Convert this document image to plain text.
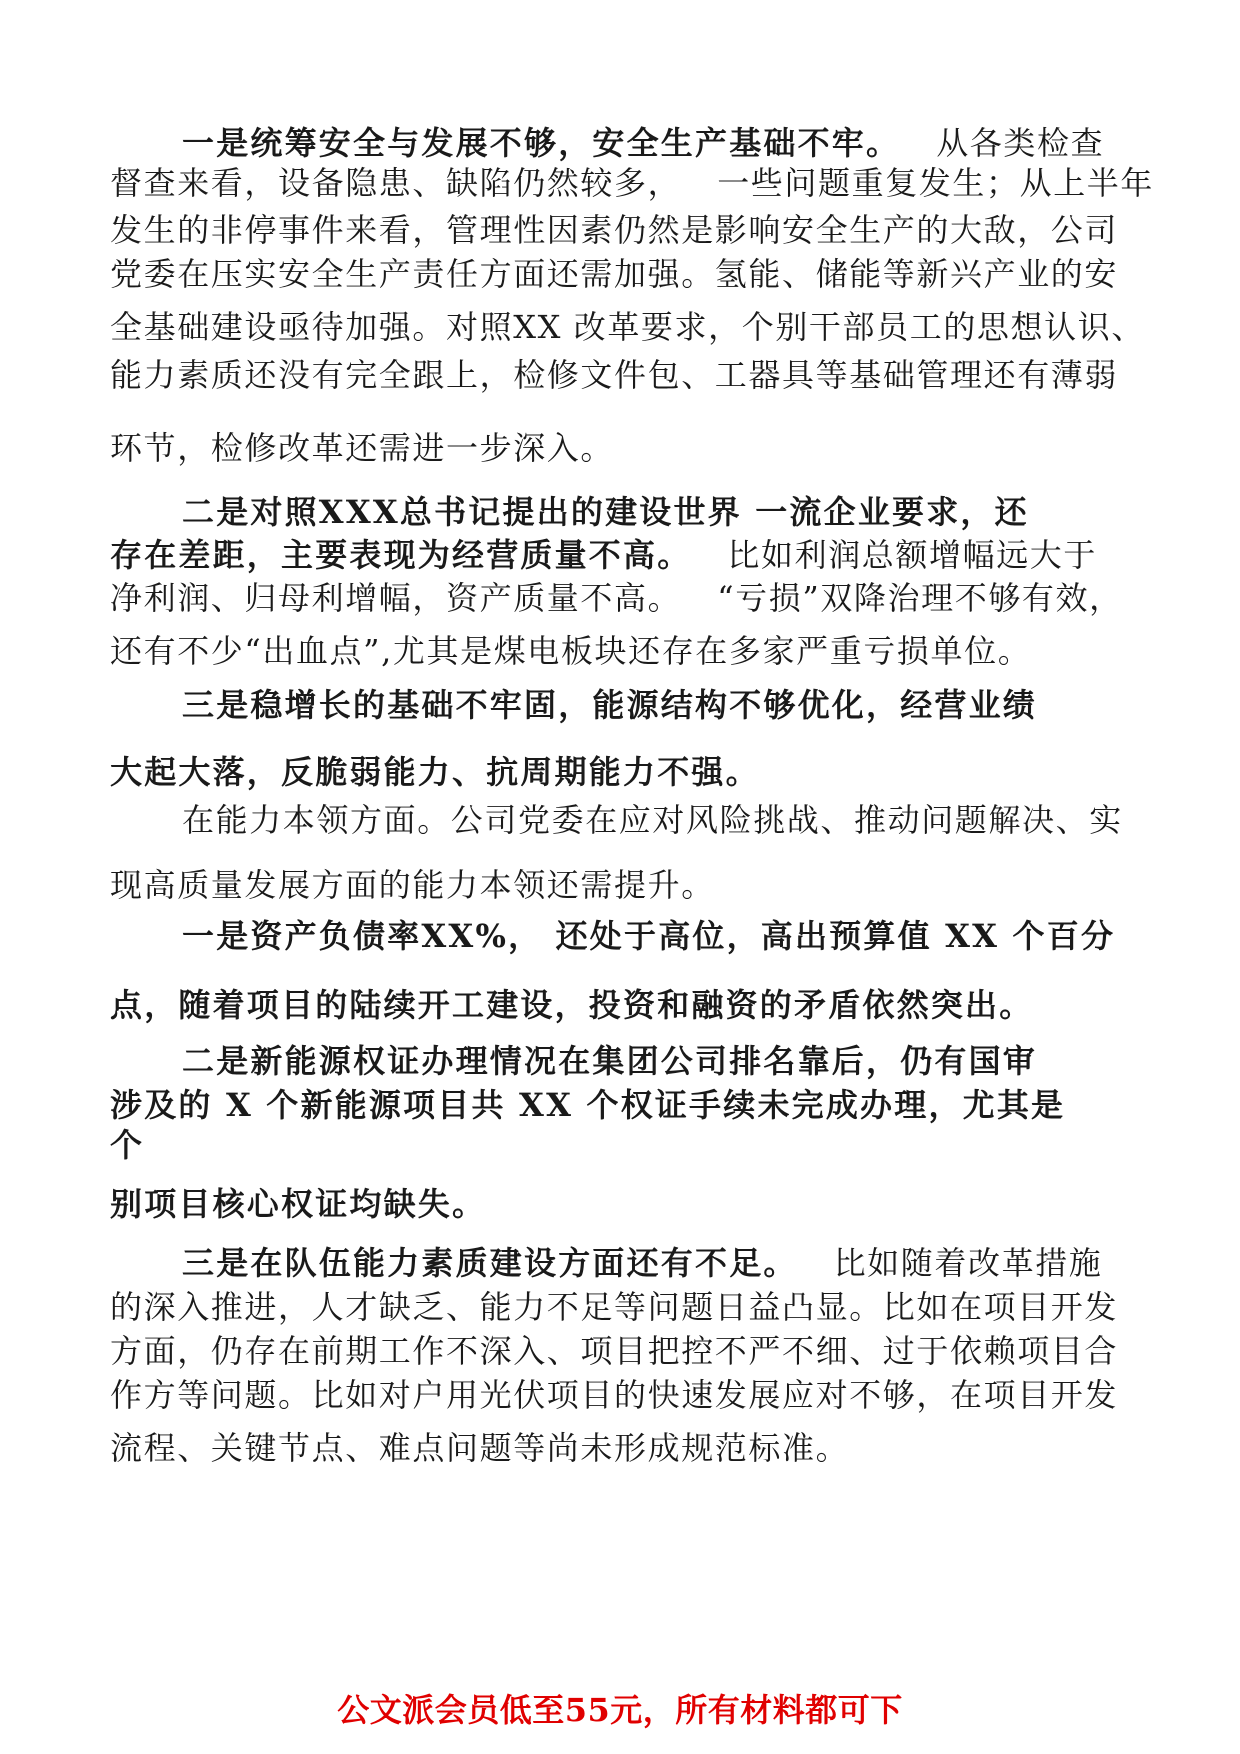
一是统筹安全与发展不够，安全生产基础不牢。 从各类检查
督查来看，设备隐患、缺陷仍然较多， 一些问题重复发生；从上半年
发生的非停事件来看，管理性因素仍然是影响安全生产的大敌，公司
党委在压实安全生产责任方面还需加强。氢能、储能等新兴产业的安
全基础建设亟待加强。对照XX 改革要求，个别干部员工的思想认识、
能力素质还没有完全跟上，检修文件包、工器具等基础管理还有薄弱
环节，检修改革还需进一步深入。
二是对照XXX总书记提出的建设世界 一流企业要求，还
存在差距，主要表现为经营质量不高。 比如利润总额增幅远大于
净利润、归母利增幅，资产质量不高。 “亏损”双降治理不够有效，
还有不少“出血点”,尤其是煤电板块还存在多家严重亏损单位。
三是稳增长的基础不牢固，能源结构不够优化，经营业绩
大起大落，反脆弱能力、抗周期能力不强。
在能力本领方面。公司党委在应对风险挑战、推动问题解决、实
现高质量发展方面的能力本领还需提升。
一是资产负债率XX%， 还处于高位，高出预算值 XX 个百分
点，随着项目的陆续开工建设，投资和融资的矛盾依然突出。
二是新能源权证办理情况在集团公司排名靠后，仍有国审
涉及的 X 个新能源项目共 XX 个权证手续未完成办理，尤其是
个
别项目核心权证均缺失。
三是在队伍能力素质建设方面还有不足。 比如随着改革措施
的深入推进，人才缺乏、能力不足等问题日益凸显。比如在项目开发
方面，仍存在前期工作不深入、项目把控不严不细、过于依赖项目合
作方等问题。比如对户用光伏项目的快速发展应对不够，在项目开发
流程、关键节点、难点问题等尚未形成规范标准。
公文派会员低至55元，所有材料都可下
